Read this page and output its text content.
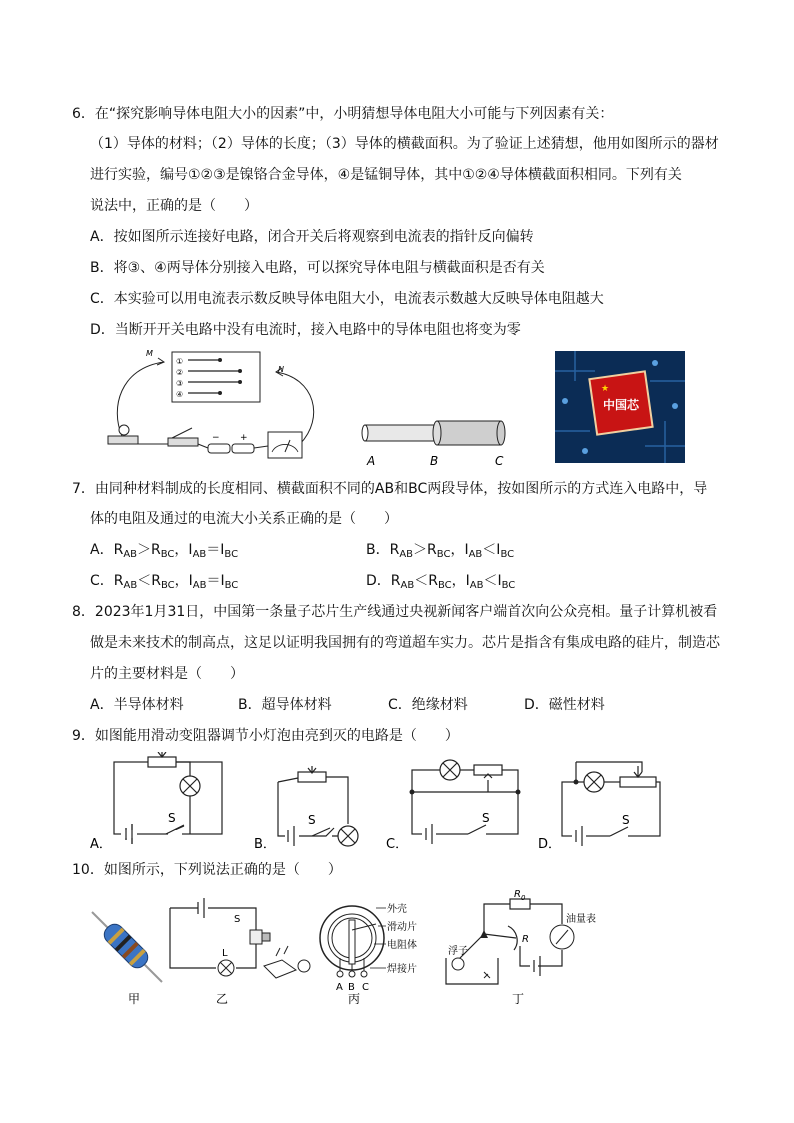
6．在“探究影响导体电阻大小的因素”中，小明猜想导体电阻大小可能与下列因素有关：
（1）导体的材料；（2）导体的长度；（3）导体的横截面积。为了验证上述猜想，他用如图所示的器材
进行实验，编号①②③是镍铬合金导体，④是锰铜导体，其中①②④导体横截面积相同。下列有关
说法中，正确的是（　　）
A．按如图所示连接好电路，闭合开关后将观察到电流表的指针反向偏转
B．将③、④两导体分别接入电路，可以探究导体电阻与横截面积是否有关
C．本实验可以用电流表示数反映导体电阻大小，电流表示数越大反映导体电阻越大
D．当断开开关电路中没有电流时，接入电路中的导体电阻也将变为零
①
②
③
④
M
N
− +
A	B	C
中国芯
★
7．由同种材料制成的长度相同、横截面积不同的AB和BC两段导体，按如图所示的方式连入电路中，导
体的电阻及通过的电流大小关系正确的是（　　）
A．$R_{AB}>R_{BC}$，$I_{AB}=I_{BC}$	B．$R_{AB}>R_{BC}$，$I_{AB}<I_{BC}$
C．$R_{AB}<R_{BC}$，$I_{AB}=I_{BC}$	D．$R_{AB}<R_{BC}$，$I_{AB}<I_{BC}$
8．2023年1月31日，中国第一条量子芯片生产线通过央视新闻客户端首次向公众亮相。量子计算机被看
做是未来技术的制高点，这足以证明我国拥有的弯道超车实力。芯片是指含有集成电路的硅片，制造芯
片的主要材料是（　　）
A．半导体材料	B．超导体材料	C．绝缘材料	D．磁性材料
9．如图能用滑动变阻器调节小灯泡由亮到灭的电路是（　　）
S
A．
S
B．
S
C．
S
D．
10．如图所示，下列说法正确的是（　　）
甲
S
L
乙
A B C
外壳
滑动片
电阻体
焊接片
丙
$R_0$
R
油量表
浮子
丁
